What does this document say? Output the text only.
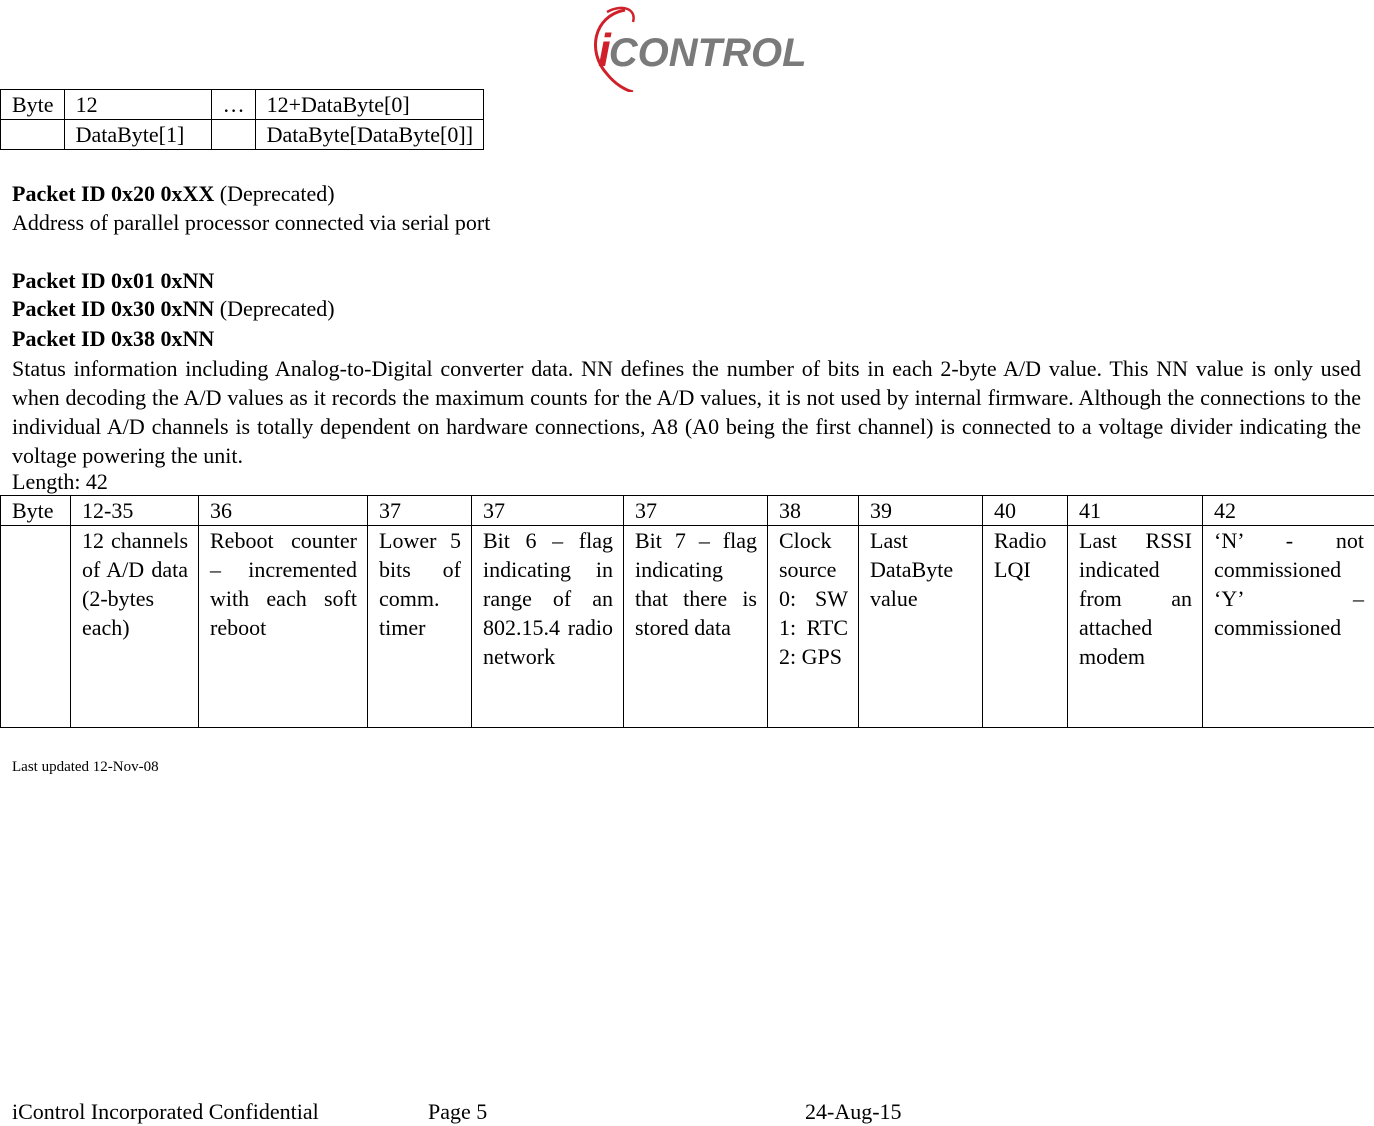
iCONTROL
Byte	12	…	12+DataByte[0]
	DataByte[1]		DataByte[DataByte[0]]
Packet ID 0x20 0xXX (Deprecated)
Address of parallel processor connected via serial port
Packet ID 0x01 0xNN
Packet ID 0x30 0xNN (Deprecated)
Packet ID 0x38 0xNN
Status information including Analog-to-Digital converter data. NN defines the number of bits in each 2-byte A/D value. This NN value is only used when decoding the A/D values as it records the maximum counts for the A/D values, it is not used by internal firmware. Although the connections to the individual A/D channels is totally dependent on hardware connections, A8 (A0 being the first channel) is connected to a voltage divider indicating the voltage powering the unit.
Length: 42
Byte	12-35	36	37	37	37	38	39	40	41	42
	12 channels of A/D data (2-bytes each)	Reboot counter – incremented with each soft reboot	Lower 5 bits of comm. timer	Bit 6 – flag indicating in range of an 802.15.4 radio network	Bit 7 – flag indicating that there is stored data	Clock source 0: SW 1: RTC 2: GPS	Last DataByte value	Radio LQI	Last RSSI indicated from an attached modem	‘N’ - not commissioned ‘Y’ – commissioned
Last updated 12-Nov-08
iControl Incorporated Confidential	Page 5	24-Aug-15
